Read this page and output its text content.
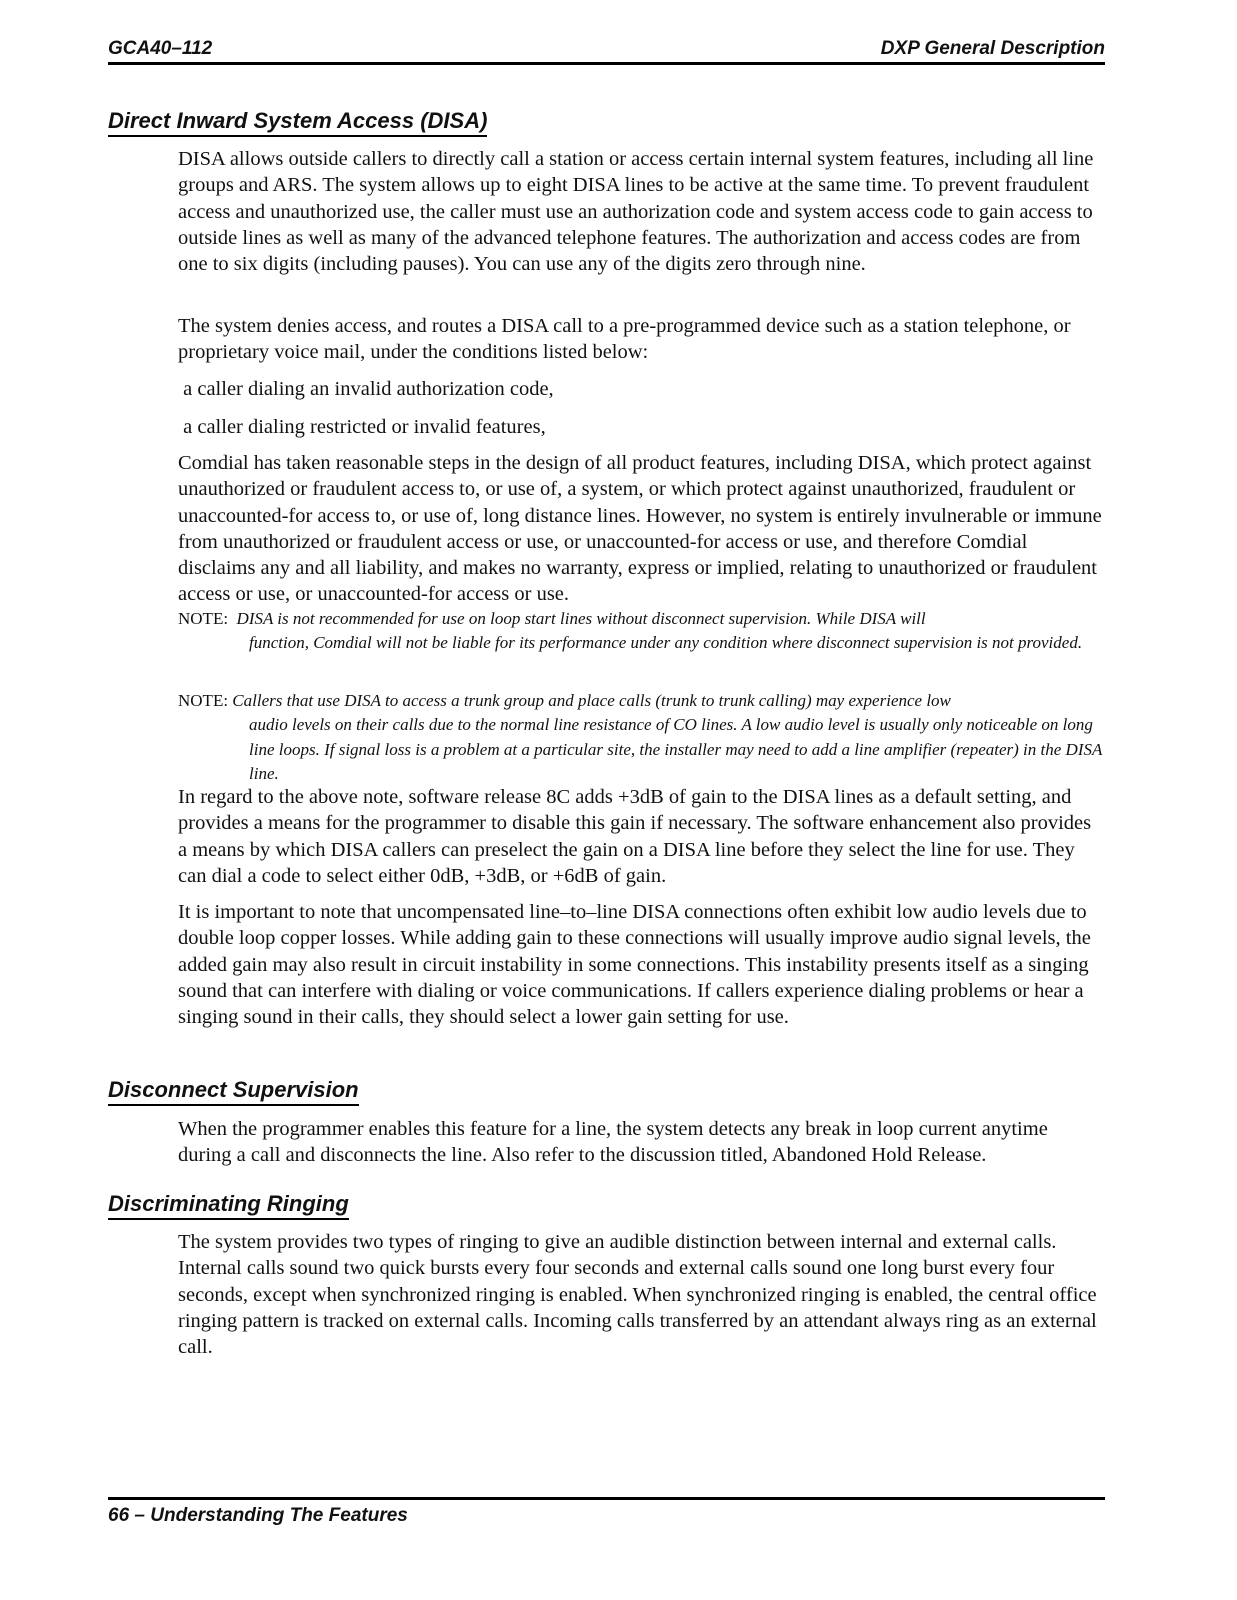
GCA40–112	DXP General Description
Direct Inward System Access (DISA)

DISA allows outside callers to directly call a station or access certain internal system features, including all line groups and ARS. The system allows up to eight DISA lines to be active at the same time. To prevent fraudulent access and unauthorized use, the caller must use an authorization code and system access code to gain access to outside lines as well as many of the advanced telephone features. The authorization and access codes are from one to six digits (including pauses). You can use any of the digits zero through nine.

The system denies access, and routes a DISA call to a pre-programmed device such as a station telephone, or proprietary voice mail, under the conditions listed below:

a caller dialing an invalid authorization code,

a caller dialing restricted or invalid features,

Comdial has taken reasonable steps in the design of all product features, including DISA, which protect against unauthorized or fraudulent access to, or use of, a system, or which protect against unauthorized, fraudulent or unaccounted-for access to, or use of, long distance lines. However, no system is entirely invulnerable or immune from unauthorized or fraudulent access or use, or unaccounted-for access or use, and therefore Comdial disclaims any and all liability, and makes no warranty, express or implied, relating to unauthorized or fraudulent access or use, or unaccounted-for access or use.

NOTE: DISA is not recommended for use on loop start lines without disconnect supervision. While DISA will
function, Comdial will not be liable for its performance under any condition where disconnect supervision is not provided.
NOTE: Callers that use DISA to access a trunk group and place calls (trunk to trunk calling) may experience low
audio levels on their calls due to the normal line resistance of CO lines. A low audio level is usually only noticeable on long line loops. If signal loss is a problem at a particular site, the installer may need to add a line amplifier (repeater) in the DISA line.

In regard to the above note, software release 8C adds +3dB of gain to the DISA lines as a default setting, and provides a means for the programmer to disable this gain if necessary. The software enhancement also provides a means by which DISA callers can preselect the gain on a DISA line before they select the line for use. They can dial a code to select either 0dB, +3dB, or +6dB of gain.

It is important to note that uncompensated line–to–line DISA connections often exhibit low audio levels due to double loop copper losses. While adding gain to these connections will usually improve audio signal levels, the added gain may also result in circuit instability in some connections. This instability presents itself as a singing sound that can interfere with dialing or voice communications. If callers experience dialing problems or hear a singing sound in their calls, they should select a lower gain setting for use.

Disconnect Supervision

When the programmer enables this feature for a line, the system detects any break in loop current anytime during a call and disconnects the line. Also refer to the discussion titled, Abandoned Hold Release.

Discriminating Ringing

The system provides two types of ringing to give an audible distinction between internal and external calls. Internal calls sound two quick bursts every four seconds and external calls sound one long burst every four seconds, except when synchronized ringing is enabled. When synchronized ringing is enabled, the central office ringing pattern is tracked on external calls. Incoming calls transferred by an attendant always ring as an external call.

66 – Understanding The Features
